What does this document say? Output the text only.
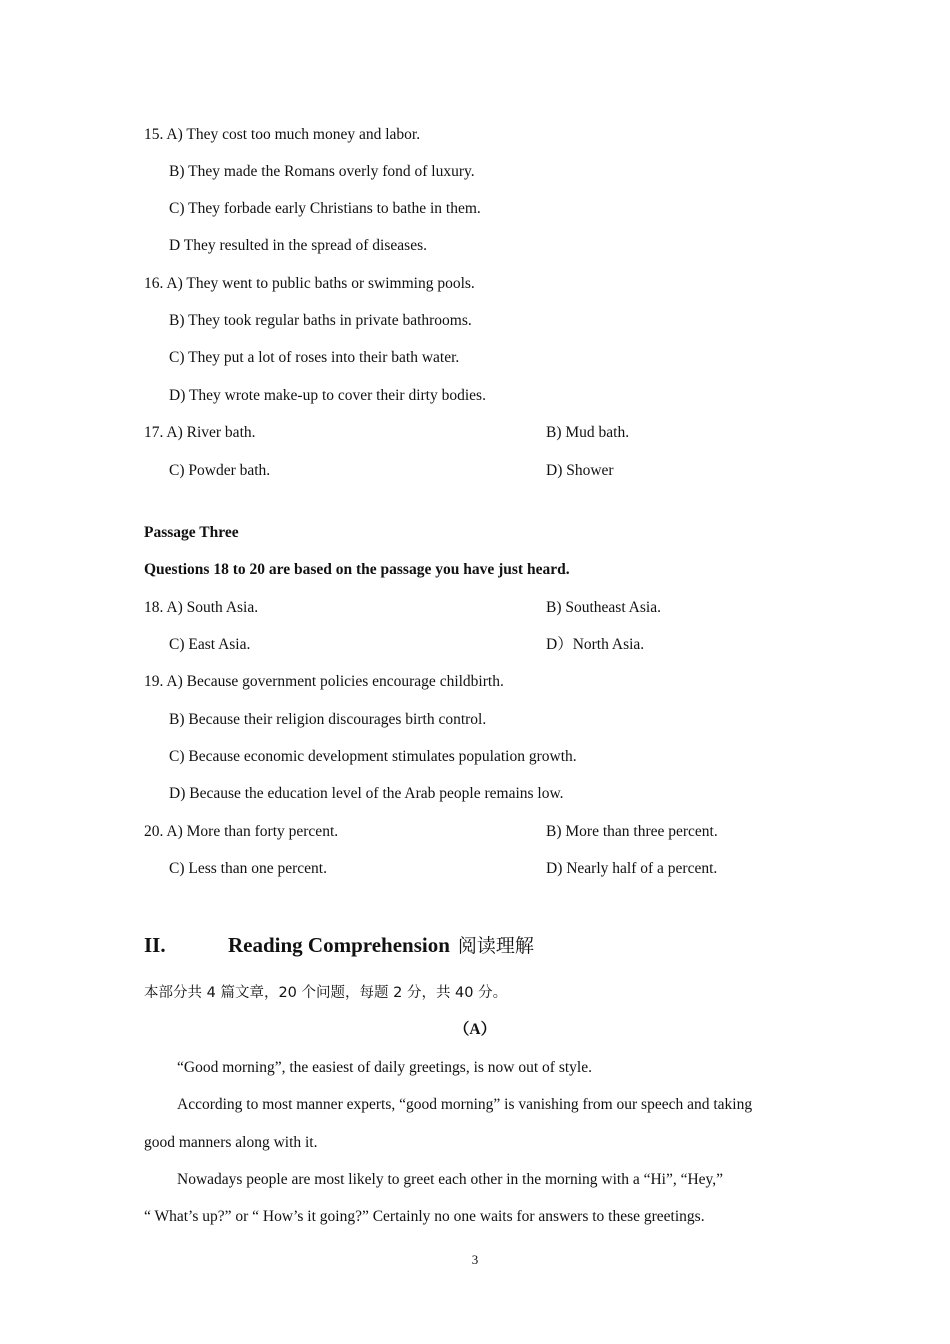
15. A) They cost too much money and labor.
B) They made the Romans overly fond of luxury.
C) They forbade early Christians to bathe in them.
D They resulted in the spread of diseases.
16. A) They went to public baths or swimming pools.
B) They took regular baths in private bathrooms.
C) They put a lot of roses into their bath water.
D) They wrote make-up to cover their dirty bodies.
17. A) River bath.	B) Mud bath.
C) Powder bath.	D) Shower
Passage Three
Questions 18 to 20 are based on the passage you have just heard.
18. A) South Asia.	B) Southeast Asia.
C) East Asia.	D）North Asia.
19. A) Because government policies encourage childbirth.
B) Because their religion discourages birth control.
C) Because economic development stimulates population growth.
D) Because the education level of the Arab people remains low.
20. A) More than forty percent.	B) More than three percent.
C) Less than one percent.	D) Nearly half of a percent.
II.	Reading Comprehension 阅读理解
本部分共 4 篇文章，20 个问题，每题 2 分，共 40 分。
（A）
“Good morning”, the easiest of daily greetings, is now out of style.
According to most manner experts, “good morning” is vanishing from our speech and taking
good manners along with it.
Nowadays people are most likely to greet each other in the morning with a “Hi”, “Hey,”
“ What’s up?” or “ How’s it going?” Certainly no one waits for answers to these greetings.
3
